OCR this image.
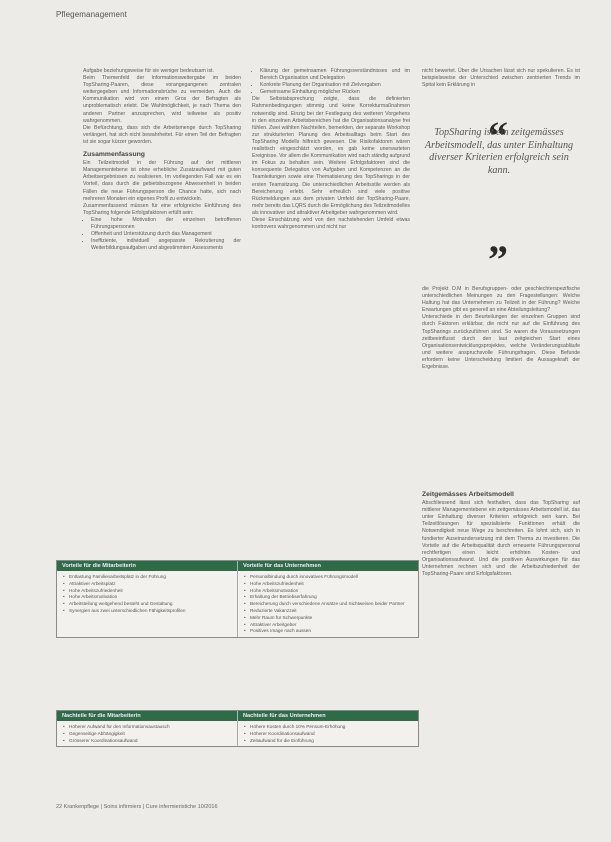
Pflegemanagement

Aufgabe beziehungsweise für sie weniger bedeutsam ist.

Beim Themenfeld der Informationsweitergabe im beiden TopSharing-Paaren, diese vorangegangenen zentralen weitergegeben und Informationsbrüche zu vermeiden. Auch die Kommunikation wird von einem Gros der Befragten als unproblematisch erlebt. Die Wahlmöglichkeit, je nach Thema den anderen Partner anzusprechen, wird teilweise als positiv wahrgenommen.

Die Befürchtung, dass sich die Arbeitsmenge durch TopSharing verlängert, hat sich nicht bewahrheitet. Für einen Teil der Befragten ist sie sogar kürzer geworden.

Zusammenfassung

Ein Teilzeitmodell in der Führung auf der mittleren Managementebene ist ohne erhebliche Zusatzaufwand mit guten Arbeitsergebnissen zu realisieren. Im vorliegenden Fall war es ein Vorteil, dass durch die gebietsbezogene Abwesenheit in beiden Fällen die neue Führungsperson die Chance hatte, sich nach mehreren Monaten ein eigenes Profil zu entwickeln.

Zusammenfassend müssen für eine erfolgreiche Einführung des TopSharing folgende Erfolgsfaktoren erfüllt sein:

• Eine hohe Motivation der einzelnen betroffenen Führungspersonen
• Offenheit und Unterstützung durch das Management
• Ineffiziente, individuell angepasste Rekrutierung der Weiterbildungsaufgaben und abgestimmten Assessments
• Klärung der gemeinsamen Führungsverständnisses und im Bereich Organisation und Delegation
• Konkrete Planung der Organisation mit Zielvorgaben
• Gemeinsame Einhaltung möglicher Rücken

Die Selbstabsprechung zeigte, dass die definierten Rahmenbedingungen stimmig und keine Korrekturmaßnahmen notwendig sind. Einzig bei der Festlegung des weiteren Vorgehens in den einzelnen Arbeitsbereichen hat die Organisationsanalyse frei fühlen. Zwei wählten Nachteilen, bemerkten, der separate Workshop zur strukturierten Planung des Arbeitsalltags beim Start des TopSharing Modells hilfreich gewesen. Die Risikofaktoren wären realistisch eingeschätzt worden, es gab keine unerwarteten Ereignisse. Vor allem die Kommunikation wird nach ständig aufgrund im Fokus zu behalten sein. Weitere Erfolgsfaktoren sind die konsequente Delegation von Aufgaben und Kompetenzen an die Teamleitungen sowie eine Thematisierung des TopSharings in der ersten Teamsitzung. Die unterschiedlichen Arbeitsstile werden als Bereicherung erlebt. Sehr erfreulich sind viele positive Rückmeldungen aus dem privaten Umfeld der TopSharing-Paare, mehr bereits das LQRS durch die Ermöglichung des Teilzeitmodelles als innovativer und attraktiver Arbeitgeber wahrgenommen wird.

Diese Einschätzung wird von den nachstehenden Umfeld etwas kontrovers wahrgenommen und nicht nur

nicht bewertet. Über die Ursachen lässt sich nur spekulieren. Es ist beispielsweise der Unterschied zwischen zentrierten Trends im Spital kein Erklärung in

“
TopSharing ist ein zeitgemässes Arbeitsmodell, das unter Einhaltung diverser Kriterien erfolgreich sein kann.
”

die Projekt O.M in Berufsgruppen- oder geschlechterspezifische unterschiedlichen Meinungen zu den Fragestellungen: Welche Haltung hat das Unternehmen zu Teilzeit in der Führung? Welche Erwartungen gibt es generell an eine Abteilungsleitung?

Unterschiede in den Beurteilungen der einzelnen Gruppen sind durch Faktoren erklärbar, die nicht nur auf die Einführung des TopSharings zurückzuführen sind. So waren die Voraussetzungen zeitbeeinflusst durch den laut zeitgleichen Start eines Organisationsentwicklungsprojektes, welche Veränderungsabläufe und weitere anspruchsvolle Führungsfragen. Diese Befunde erfordern keine Unterscheidung limitiert die Aussagekraft der Ergebnisse.

Zeitgemässes Arbeitsmodell

Abschliessend lässt sich festhalten, dass das TopSharing auf mittlerer Managementebene ein zeitgemässes Arbeitsmodell ist, das unter Einhaltung diverser Kriterien erfolgreich sein kann. Bei Teilzeitlösungen für spezialisierte Funktionen erhält die Notwendigkeit neue Wege zu beschreiten. Es lohnt sich, sich in fundierter Auseinandersetzung mit dem Thema zu investieren. Die Vorteile auf die Arbeitsqualität durch erneuerte Führungspersonal rechtfertigen einen leicht erhöhten Kosten- und Organisationsaufwand. Und die positiven Auswirkungen für das Unternehmen rechnen sich und die Arbeitszufriedenheit der TopSharing-Paare sind Erfolgsfaktoren.

Vorteile für die Mitarbeiterin	Vorteile für das Unternehmen
• Entlastung Familienarbeitsplatz in der Führung
• Attraktiver Arbeitsplatz
• Hohe Arbeitszufriedenheit
• Hohe Arbeitsmotivation
• Arbeitsteilung weitgehend besteht und Gestaltung
• Synergien aus zwei unterschiedlichen Fähigkeitsprofilen
• Personalbindung durch innovatives Führungsmodell
• Hohe Arbeitszufriedenheit
• Hohe Arbeitsmotivation
• Erhaltung der Betriebserfahrung
• Bereicherung durch verschiedene Ansätze und Sichtweisen beider Partner
• Reduzierte Vakanzzeit
• Mehr Raum für Schwerpunkte
• Attraktiver Arbeitgeber
• Positives Image nach aussen
Nachteile für die Mitarbeiterin	Nachteile für das Unternehmen
• Höherer Aufwand für den Informationsaustausch
• Gegenseitige Abhängigkeit
• Grösserer Koordinationsaufwand
• Höhere Kosten durch 10% Pensum-Erhöhung
• Höherer Koordinationsaufwand
• Zeitaufwand für die Einführung
22 Krankenpflege | Soins infirmiers | Cure infermieristiche 10/2016
